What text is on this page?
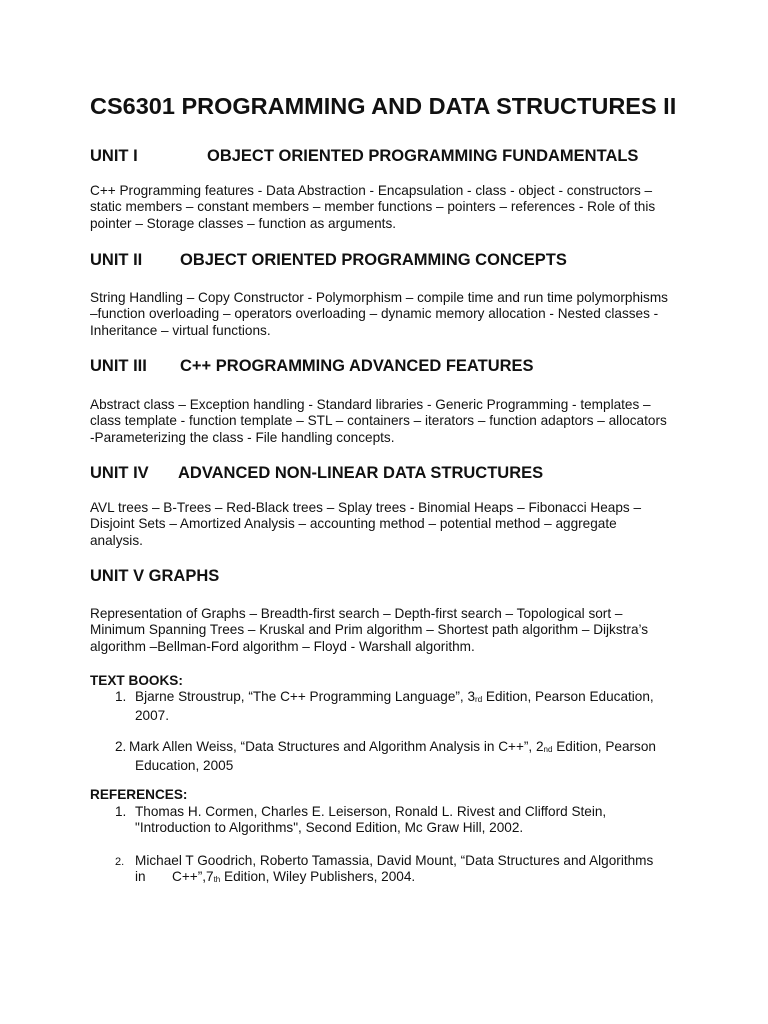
CS6301 PROGRAMMING AND DATA STRUCTURES II
UNIT I	OBJECT ORIENTED PROGRAMMING FUNDAMENTALS

C++ Programming features - Data Abstraction - Encapsulation - class - object - constructors –
static members – constant members – member functions – pointers – references - Role of this
pointer – Storage classes – function as arguments.

UNIT II OBJECT ORIENTED PROGRAMMING CONCEPTS

String Handling – Copy Constructor - Polymorphism – compile time and run time polymorphisms
–function overloading – operators overloading – dynamic memory allocation - Nested classes -
Inheritance – virtual functions.

UNIT III C++ PROGRAMMING ADVANCED FEATURES

Abstract class – Exception handling - Standard libraries - Generic Programming - templates –
class template - function template – STL – containers – iterators – function adaptors – allocators
-Parameterizing the class - File handling concepts.

UNIT IV ADVANCED NON-LINEAR DATA STRUCTURES

AVL trees – B-Trees – Red-Black trees – Splay trees - Binomial Heaps – Fibonacci Heaps –
Disjoint Sets – Amortized Analysis – accounting method – potential method – aggregate
analysis.

UNIT V GRAPHS

Representation of Graphs – Breadth-first search – Depth-first search – Topological sort –
Minimum Spanning Trees – Kruskal and Prim algorithm – Shortest path algorithm – Dijkstra’s
algorithm –Bellman-Ford algorithm – Floyd - Warshall algorithm.

TEXT BOOKS:

1. Bjarne Stroustrup, “The C++ Programming Language”, 3rd Edition, Pearson Education,
2007.
2. Mark Allen Weiss, “Data Structures and Algorithm Analysis in C++”, 2nd Edition, Pearson
Education, 2005

REFERENCES:

1. Thomas H. Cormen, Charles E. Leiserson, Ronald L. Rivest and Clifford Stein,
"Introduction to Algorithms", Second Edition, Mc Graw Hill, 2002.
2. Michael T Goodrich, Roberto Tamassia, David Mount, “Data Structures and Algorithms
in       C++”,7th Edition, Wiley Publishers, 2004.
